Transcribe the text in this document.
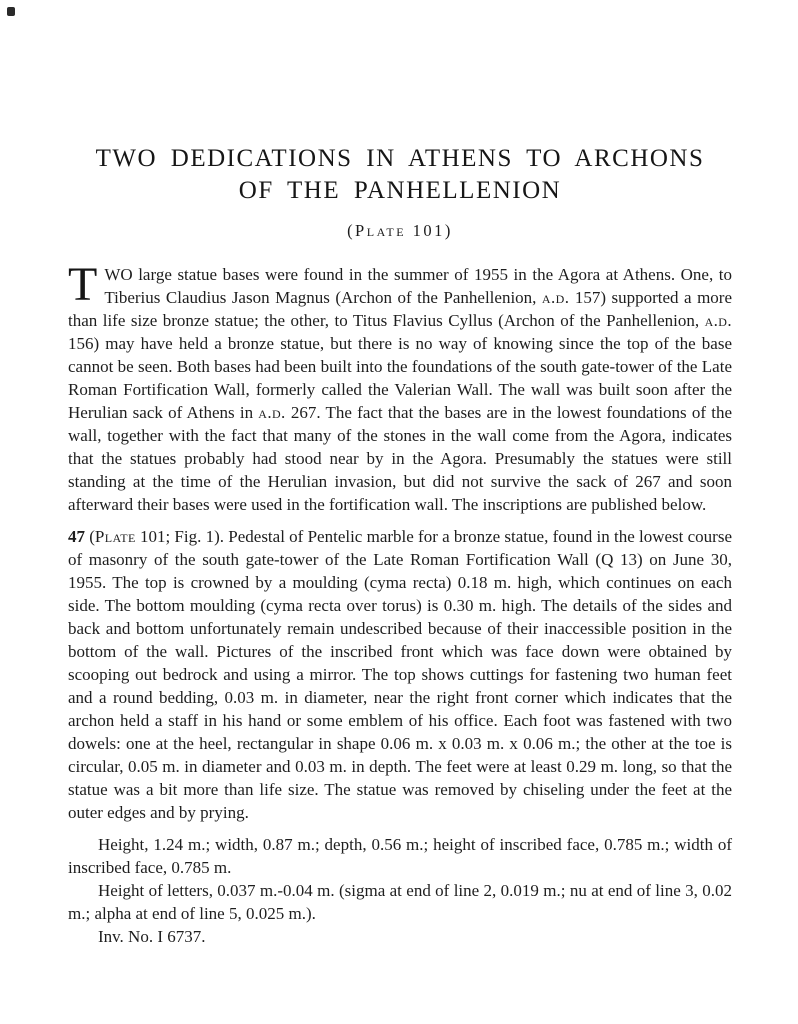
TWO DEDICATIONS IN ATHENS TO ARCHONS
OF THE PANHELLENION
(Plate 101)

TWO large statue bases were found in the summer of 1955 in the Agora at Athens. One, to Tiberius Claudius Jason Magnus (Archon of the Panhellenion, a.d. 157) supported a more than life size bronze statue; the other, to Titus Flavius Cyllus (Archon of the Panhellenion, a.d. 156) may have held a bronze statue, but there is no way of knowing since the top of the base cannot be seen. Both bases had been built into the foundations of the south gate-tower of the Late Roman Fortification Wall, formerly called the Valerian Wall. The wall was built soon after the Herulian sack of Athens in a.d. 267. The fact that the bases are in the lowest foundations of the wall, together with the fact that many of the stones in the wall come from the Agora, indicates that the statues probably had stood near by in the Agora. Presumably the statues were still standing at the time of the Herulian invasion, but did not survive the sack of 267 and soon afterward their bases were used in the fortification wall. The inscriptions are published below.

47 (Plate 101; Fig. 1). Pedestal of Pentelic marble for a bronze statue, found in the lowest course of masonry of the south gate-tower of the Late Roman Fortification Wall (Q 13) on June 30, 1955. The top is crowned by a moulding (cyma recta) 0.18 m. high, which continues on each side. The bottom moulding (cyma recta over torus) is 0.30 m. high. The details of the sides and back and bottom unfortunately remain undescribed because of their inaccessible position in the bottom of the wall. Pictures of the inscribed front which was face down were obtained by scooping out bedrock and using a mirror. The top shows cuttings for fastening two human feet and a round bedding, 0.03 m. in diameter, near the right front corner which indicates that the archon held a staff in his hand or some emblem of his office. Each foot was fastened with two dowels: one at the heel, rectangular in shape 0.06 m. x 0.03 m. x 0.06 m.; the other at the toe is circular, 0.05 m. in diameter and 0.03 m. in depth. The feet were at least 0.29 m. long, so that the statue was a bit more than life size. The statue was removed by chiseling under the feet at the outer edges and by prying.

Height, 1.24 m.; width, 0.87 m.; depth, 0.56 m.; height of inscribed face, 0.785 m.; width of inscribed face, 0.785 m.

Height of letters, 0.037 m.-0.04 m. (sigma at end of line 2, 0.019 m.; nu at end of line 3, 0.02 m.; alpha at end of line 5, 0.025 m.).

Inv. No. I 6737.
